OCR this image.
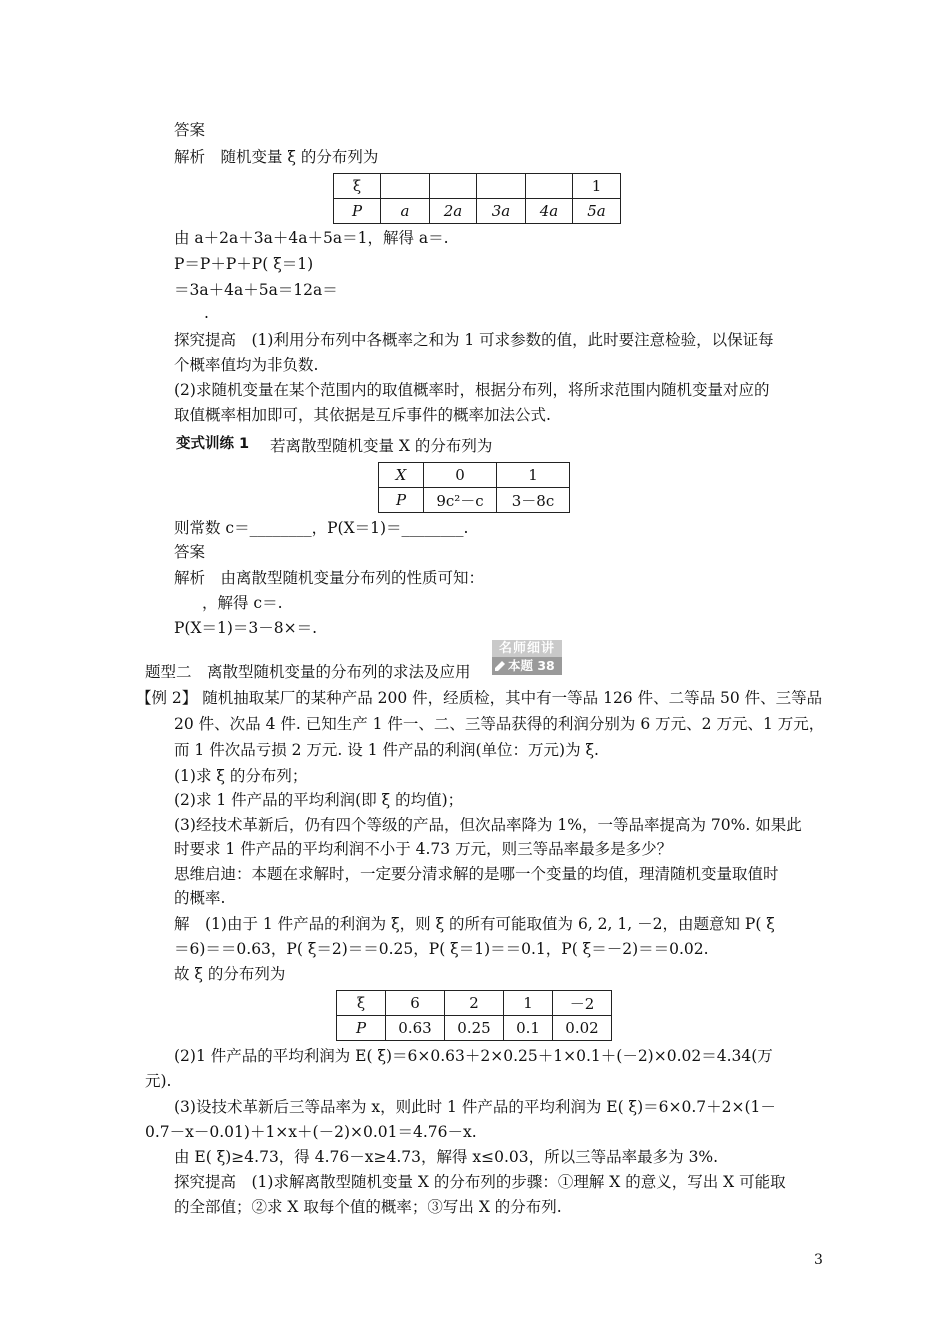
答案
解析　随机变量 ξ 的分布列为
ξ					1
P	a	2a	3a	4a	5a
由 a＋2a＋3a＋4a＋5a＝1，解得 a＝.
P＝P＋P＋P( ξ＝1)
＝3a＋4a＋5a＝12a＝
.
探究提高　(1)利用分布列中各概率之和为 1 可求参数的值，此时要注意检验，以保证每
个概率值均为非负数.
(2)求随机变量在某个范围内的取值概率时，根据分布列，将所求范围内随机变量对应的
取值概率相加即可，其依据是互斥事件的概率加法公式.
变式训练 1 若离散型随机变量 X 的分布列为
X	0	1
P	9c²－c	3－8c
则常数 c＝________，P(X＝1)＝________.
答案
解析　由离散型随机变量分布列的性质可知：
，解得 c＝.
P(X＝1)＝3－8×＝.
题型二　离散型随机变量的分布列的求法及应用
名师细讲
本题 38
【例 2】 随机抽取某厂的某种产品 200 件，经质检，其中有一等品 126 件、二等品 50 件、三等品
20 件、次品 4 件. 已知生产 1 件一、二、三等品获得的利润分别为 6 万元、2 万元、1 万元，
而 1 件次品亏损 2 万元. 设 1 件产品的利润(单位：万元)为 ξ.
(1)求 ξ 的分布列；
(2)求 1 件产品的平均利润(即 ξ 的均值)；
(3)经技术革新后，仍有四个等级的产品，但次品率降为 1%，一等品率提高为 70%. 如果此
时要求 1 件产品的平均利润不小于 4.73 万元，则三等品率最多是多少？
思维启迪：本题在求解时，一定要分清求解的是哪一个变量的均值，理清随机变量取值时
的概率.
解　(1)由于 1 件产品的利润为 ξ，则 ξ 的所有可能取值为 6, 2, 1, －2，由题意知 P( ξ
＝6)＝＝0.63，P( ξ＝2)＝＝0.25，P( ξ＝1)＝＝0.1，P( ξ＝－2)＝＝0.02.
故 ξ 的分布列为
ξ	6	2	1	－2
P	0.63	0.25	0.1	0.02
(2)1 件产品的平均利润为 E( ξ)＝6×0.63＋2×0.25＋1×0.1＋(－2)×0.02＝4.34(万
元).
(3)设技术革新后三等品率为 x，则此时 1 件产品的平均利润为 E( ξ)＝6×0.7＋2×(1－
0.7－x－0.01)＋1×x＋(－2)×0.01＝4.76－x.
由 E( ξ)≥4.73，得 4.76－x≥4.73，解得 x≤0.03，所以三等品率最多为 3%.
探究提高　(1)求解离散型随机变量 X 的分布列的步骤：①理解 X 的意义，写出 X 可能取
的全部值；②求 X 取每个值的概率；③写出 X 的分布列.
3
